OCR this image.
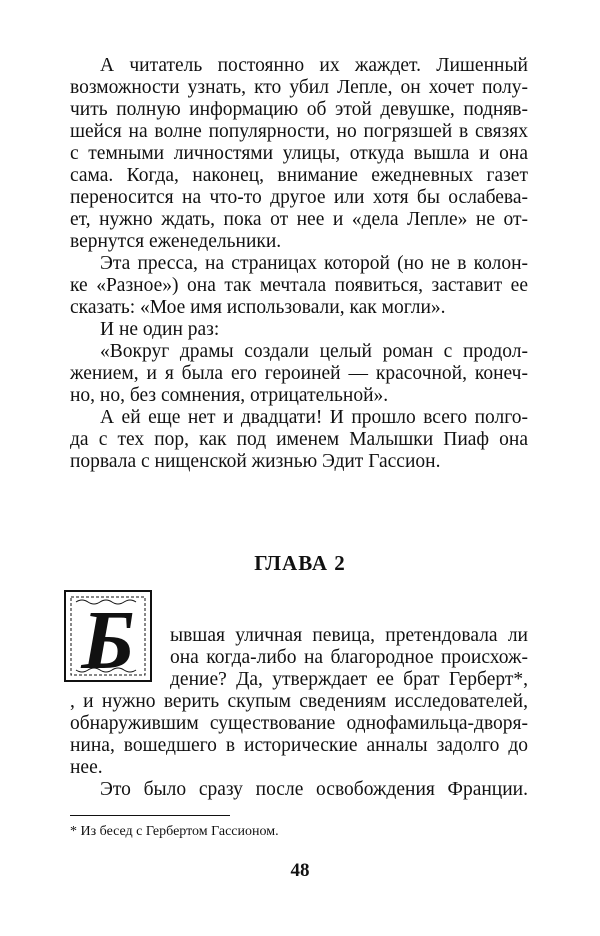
А читатель постоянно их жаждет. Лишенный
возможности узнать, кто убил Лепле, он хочет полу-
чить полную информацию об этой девушке, подняв-
шейся на волне популярности, но погрязшей в связях
с темными личностями улицы, откуда вышла и она
сама. Когда, наконец, внимание ежедневных газет
переносится на что-то другое или хотя бы ослабева-
ет, нужно ждать, пока от нее и «дела Лепле» не от-
вернутся еженедельники.
Эта пресса, на страницах которой (но не в колон-
ке «Разное») она так мечтала появиться, заставит ее
сказать: «Мое имя использовали, как могли».
И не один раз:
«Вокруг драмы создали целый роман с продол-
жением, и я была его героиней — красочной, конеч-
но, но, без сомнения, отрицательной».
А ей еще нет и двадцати! И прошло всего полго-
да с тех пор, как под именем Малышки Пиаф она
порвала с нищенской жизнью Эдит Гассион.
ГЛАВА 2
Б ывшая уличная певица, претендовала ли
она когда-либо на благородное происхож-
дение? Да, утверждает ее брат Герберт*,
, и нужно верить скупым сведениям исследователей,
обнаружившим существование однофамильца-дворя-
нина, вошедшего в исторические анналы задолго до
нее.
Это было сразу после освобождения Франции.
* Из бесед с Гербертом Гассионом.
48
